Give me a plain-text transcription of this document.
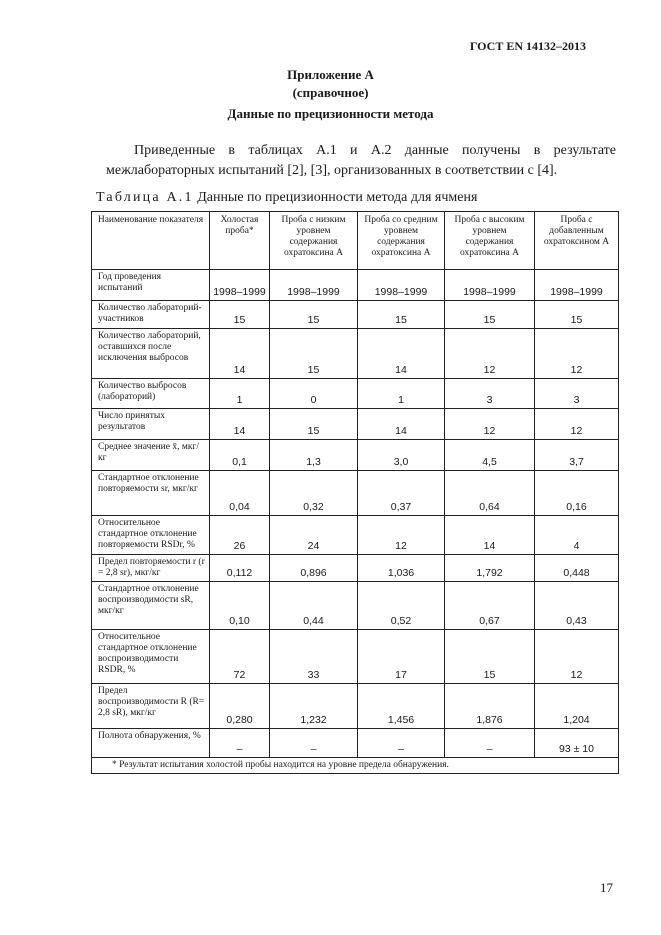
ГОСТ EN 14132–2013
Приложение А
(справочное)
Данные по прецизионности метода
Приведенные в таблицах А.1 и А.2 данные получены в результате межлабораторных испытаний [2], [3], организованных в соответствии с [4].
Таблица А.1 Данные по прецизионности метода для ячменя
Наименование показателя	Холостая проба*	Проба с низким уровнем содержания охратоксина А	Проба со средним уровнем содержания охратоксина А	Проба с высоким уровнем содержания охратоксина А	Проба с добавленным охратоксином А
Год проведения испытаний	1998–1999	1998–1999	1998–1999	1998–1999	1998–1999
Количество лабораторий-участников	15	15	15	15	15
Количество лабораторий, оставшихся после исключения выбросов	14	15	14	12	12
Количество выбросов (лабораторий)	1	0	1	3	3
Число принятых результатов	14	15	14	12	12
Среднее значение x̄, мкг/кг	0,1	1,3	3,0	4,5	3,7
Стандартное отклонение повторяемости sr, мкг/кг	0,04	0,32	0,37	0,64	0,16
Относительное стандартное отклонение повторяемости RSDr, %	26	24	12	14	4
Предел повторяемости r (r = 2,8 sr), мкг/кг	0,112	0,896	1,036	1,792	0,448
Стандартное отклонение воспроизводимости sR, мкг/кг	0,10	0,44	0,52	0,67	0,43
Относительное стандартное отклонение воспроизводимости RSDR, %	72	33	17	15	12
Предел воспроизводимости R (R= 2,8 sR), мкг/кг	0,280	1,232	1,456	1,876	1,204
Полнота обнаружения, %	–	–	–	–	93 ± 10
* Результат испытания холостой пробы находится на уровне предела обнаружения.					
17
